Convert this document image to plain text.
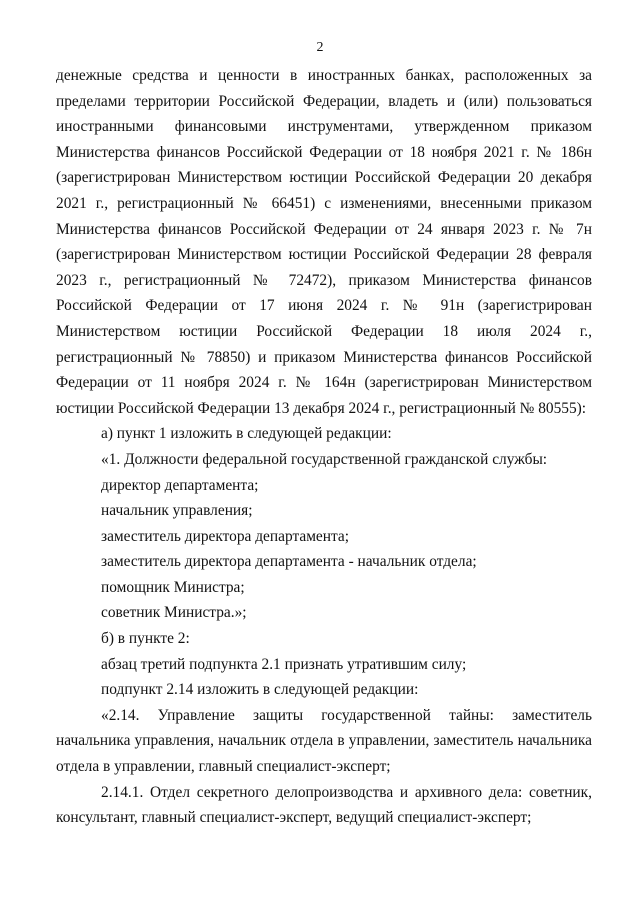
2

денежные средства и ценности в иностранных банках, расположенных за пределами территории Российской Федерации, владеть и (или) пользоваться иностранными финансовыми инструментами, утвержденном приказом Министерства финансов Российской Федерации от 18 ноября 2021 г. № 186н (зарегистрирован Министерством юстиции Российской Федерации 20 декабря 2021 г., регистрационный № 66451) с изменениями, внесенными приказом Министерства финансов Российской Федерации от 24 января 2023 г. № 7н (зарегистрирован Министерством юстиции Российской Федерации 28 февраля 2023 г., регистрационный № 72472), приказом Министерства финансов Российской Федерации от 17 июня 2024 г. № 91н (зарегистрирован Министерством юстиции Российской Федерации 18 июля 2024 г., регистрационный № 78850) и приказом Министерства финансов Российской Федерации от 11 ноября 2024 г. № 164н (зарегистрирован Министерством юстиции Российской Федерации 13 декабря 2024 г., регистрационный № 80555):

а) пункт 1 изложить в следующей редакции:

«1. Должности федеральной государственной гражданской службы:

директор департамента;

начальник управления;

заместитель директора департамента;

заместитель директора департамента - начальник отдела;

помощник Министра;

советник Министра.»;

б) в пункте 2:

абзац третий подпункта 2.1 признать утратившим силу;

подпункт 2.14 изложить в следующей редакции:

«2.14. Управление защиты государственной тайны: заместитель начальника управления, начальник отдела в управлении, заместитель начальника отдела в управлении, главный специалист-эксперт;

2.14.1. Отдел секретного делопроизводства и архивного дела: советник, консультант, главный специалист-эксперт, ведущий специалист-эксперт;
